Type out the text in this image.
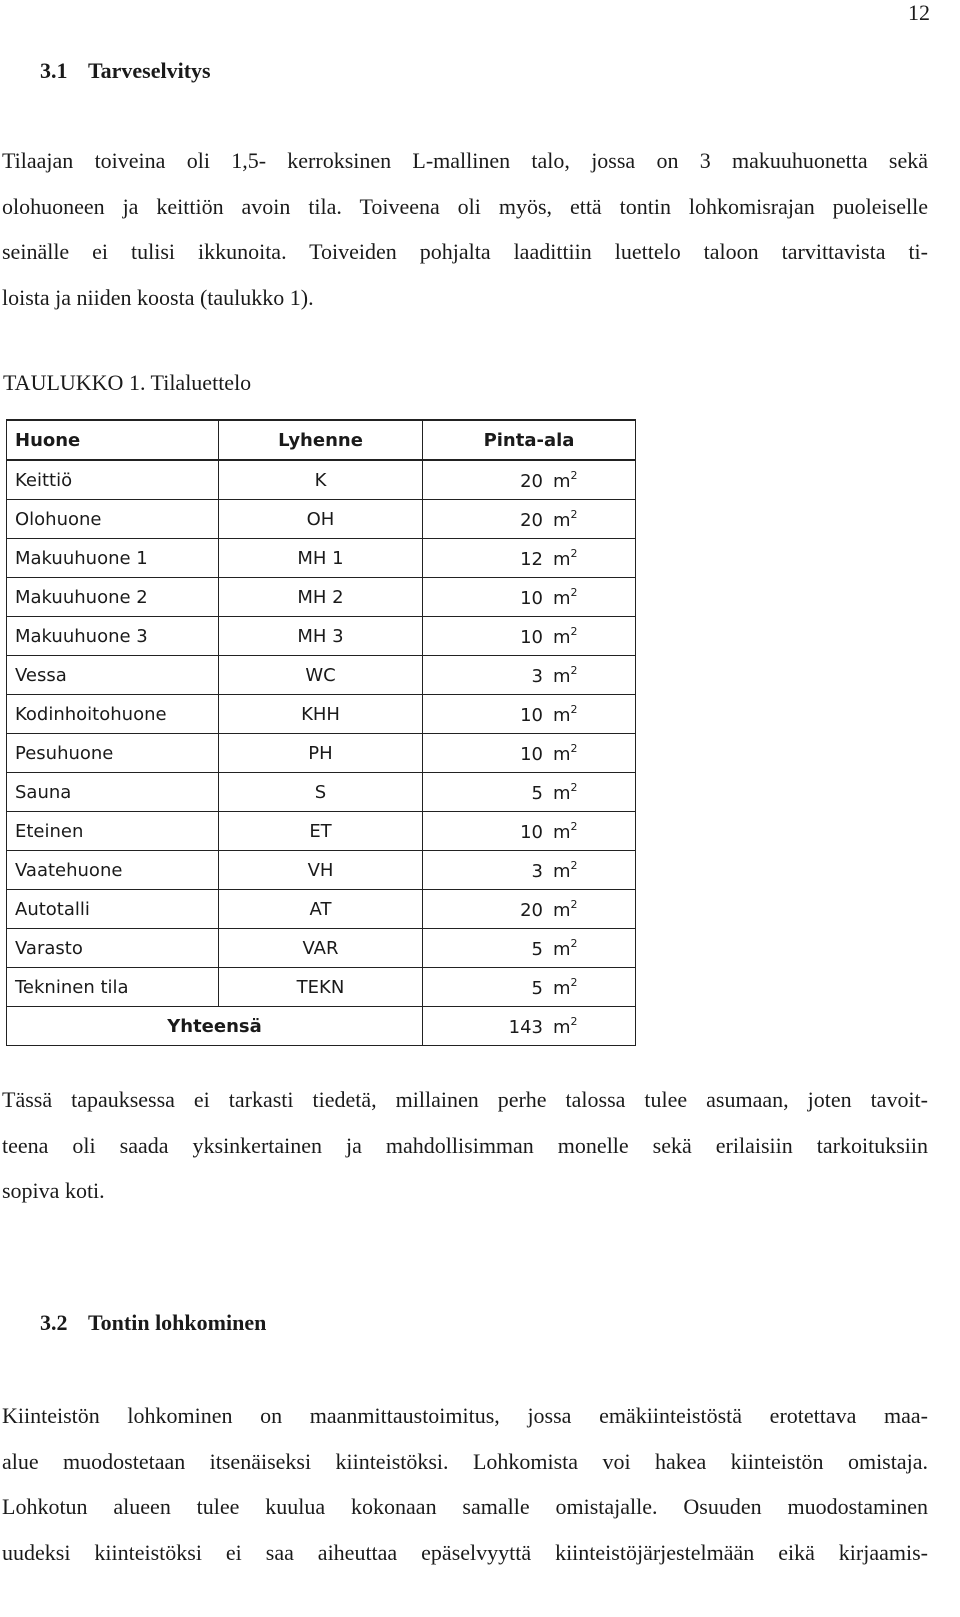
12
3.1 Tarveselvitys
Tilaajan toiveina oli 1,5- kerroksinen L-mallinen talo, jossa on 3 makuuhuonetta sekä
olohuoneen ja keittiön avoin tila. Toiveena oli myös, että tontin lohkomisrajan puoleiselle
seinälle ei tulisi ikkunoita. Toiveiden pohjalta laadittiin luettelo taloon tarvittavista ti-
loista ja niiden koosta (taulukko 1).
TAULUKKO 1. Tilaluettelo
Huone	Lyhenne	Pinta-ala
Keittiö	K	20 $m^2$

Olohuone	OH	20 $m^2$

Makuuhuone 1	MH 1	12 $m^2$

Makuuhuone 2	MH 2	10 $m^2$

Makuuhuone 3	MH 3	10 $m^2$

Vessa	WC	3 $m^2$

Kodinhoitohuone	KHH	10 $m^2$

Pesuhuone	PH	10 $m^2$

Sauna	S	5 $m^2$

Eteinen	ET	10 $m^2$

Vaatehuone	VH	3 $m^2$

Autotalli	AT	20 $m^2$

Varasto	VAR	5 $m^2$

Tekninen tila	TEKN	5 $m^2$

Yhteensä		143 $m^2$
Tässä tapauksessa ei tarkasti tiedetä, millainen perhe talossa tulee asumaan, joten tavoit-
teena oli saada yksinkertainen ja mahdollisimman monelle sekä erilaisiin tarkoituksiin
sopiva koti.
3.2 Tontin lohkominen
Kiinteistön lohkominen on maanmittaustoimitus, jossa emäkiinteistöstä erotettava maa-
alue muodostetaan itsenäiseksi kiinteistöksi. Lohkomista voi hakea kiinteistön omistaja.
Lohkotun alueen tulee kuulua kokonaan samalle omistajalle. Osuuden muodostaminen
uudeksi kiinteistöksi ei saa aiheuttaa epäselvyyttä kiinteistöjärjestelmään eikä kirjaamis-
